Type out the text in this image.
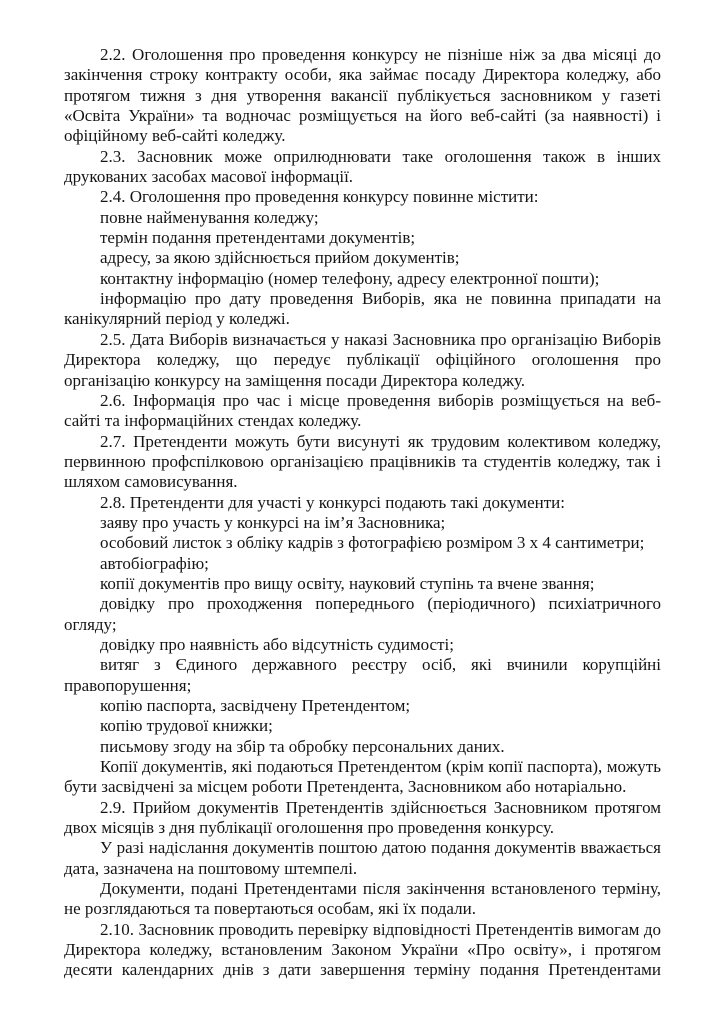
2.2. Оголошення про проведення конкурсу не пізніше ніж за два місяці до закінчення строку контракту особи, яка займає посаду Директора коледжу, або протягом тижня з дня утворення вакансії публікується засновником у газеті «Освіта України» та водночас розміщується на його веб-сайті (за наявності) і офіційному веб-сайті коледжу.

2.3. Засновник може оприлюднювати таке оголошення також в інших друкованих засобах масової інформації.

2.4. Оголошення про проведення конкурсу повинне містити:

повне найменування коледжу;

термін подання претендентами документів;

адресу, за якою здійснюється прийом документів;

контактну інформацію (номер телефону, адресу електронної пошти);

інформацію про дату проведення Виборів, яка не повинна припадати на канікулярний період у коледжі.

2.5. Дата Виборів визначається у наказі Засновника про організацію Виборів Директора коледжу, що передує публікації офіційного оголошення про організацію конкурсу на заміщення посади Директора коледжу.

2.6. Інформація про час і місце проведення виборів розміщується на веб-сайті та інформаційних стендах коледжу.

2.7. Претенденти можуть бути висунуті як трудовим колективом коледжу, первинною профспілковою організацією працівників та студентів коледжу, так і шляхом самовисування.

2.8. Претенденти для участі у конкурсі подають такі документи:

заяву про участь у конкурсі на ім’я Засновника;

особовий листок з обліку кадрів з фотографією розміром 3 х 4 сантиметри;

автобіографію;

копії документів про вищу освіту, науковий ступінь та вчене звання;

довідку про проходження попереднього (періодичного) психіатричного огляду;

довідку про наявність або відсутність судимості;

витяг з Єдиного державного реєстру осіб, які вчинили корупційні правопорушення;

копію паспорта, засвідчену Претендентом;

копію трудової книжки;

письмову згоду на збір та обробку персональних даних.

Копії документів, які подаються Претендентом (крім копії паспорта), можуть бути засвідчені за місцем роботи Претендента, Засновником або нотаріально.

2.9. Прийом документів Претендентів здійснюється Засновником протягом двох місяців з дня публікації оголошення про проведення конкурсу.

У разі надіслання документів поштою датою подання документів вважається дата, зазначена на поштовому штемпелі.

Документи, подані Претендентами після закінчення встановленого терміну, не розглядаються та повертаються особам, які їх подали.

2.10. Засновник проводить перевірку відповідності Претендентів вимогам до Директора коледжу, встановленим Законом України «Про освіту», і протягом десяти календарних днів з дати завершення терміну подання Претендентами
